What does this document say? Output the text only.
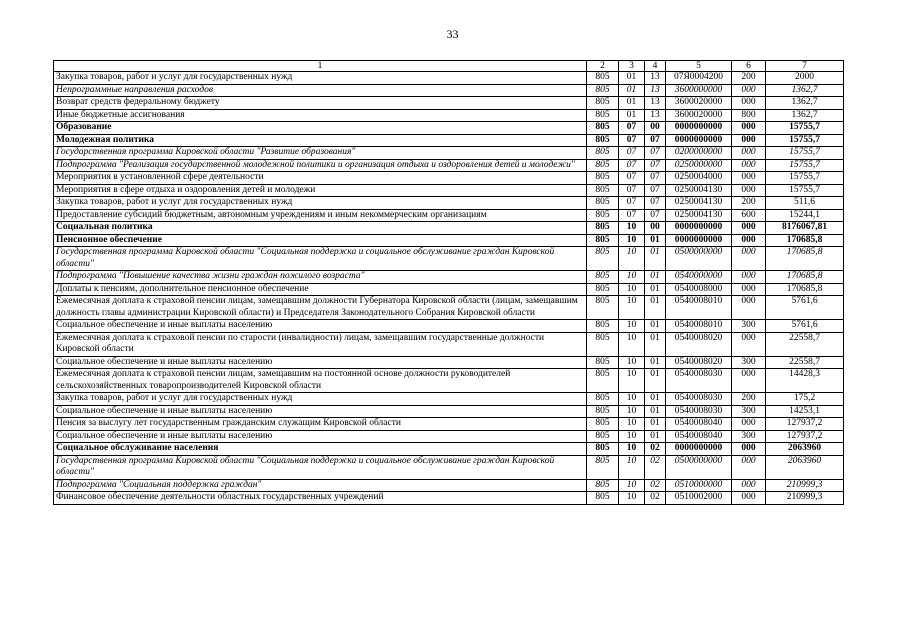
33
1	2	3	4	5	6	7
Закупка товаров, работ и услуг для государственных нужд	805	01	13	07Я0004200	200	2000
Непрограммные направления расходов	805	01	13	3600000000	000	1362,7
Возврат средств федеральному бюджету	805	01	13	3600020000	000	1362,7
Иные бюджетные ассигнования	805	01	13	3600020000	800	1362,7
Образование	805	07	00	0000000000	000	15755,7
Молодежная политика	805	07	07	0000000000	000	15755,7
Государственная программа Кировской области "Развитие образования"	805	07	07	0200000000	000	15755,7
Подпрограмма "Реализация государственной молодежной политики и организация отдыха и оздоровления детей и молодежи"	805	07	07	0250000000	000	15755,7
Мероприятия в установленной сфере деятельности	805	07	07	0250004000	000	15755,7
Мероприятия в сфере отдыха и оздоровления детей и молодежи	805	07	07	0250004130	000	15755,7
Закупка товаров, работ и услуг для государственных нужд	805	07	07	0250004130	200	511,6
Предоставление субсидий бюджетным, автономным учреждениям и иным некоммерческим организациям	805	07	07	0250004130	600	15244,1
Социальная политика	805	10	00	0000000000	000	8176067,81
Пенсионное обеспечение	805	10	01	0000000000	000	170685,8
Государственная программа Кировской области "Социальная поддержка и социальное обслуживание граждан Кировской области"	805	10	01	0500000000	000	170685,8
Подпрограмма "Повышение качества жизни граждан пожилого возраста"	805	10	01	0540000000	000	170685,8
Доплаты к пенсиям, дополнительное пенсионное обеспечение	805	10	01	0540008000	000	170685,8
Ежемесячная доплата к страховой пенсии лицам, замещавшим должности Губернатора Кировской области (лицам, замещавшим должность главы администрации Кировской области) и Председателя Законодательного Собрания Кировской области	805	10	01	0540008010	000	5761,6
Социальное обеспечение и иные выплаты населению	805	10	01	0540008010	300	5761,6
Ежемесячная доплата к страховой пенсии по старости (инвалидности) лицам, замещавшим государственные должности Кировской области	805	10	01	0540008020	000	22558,7
Социальное обеспечение и иные выплаты населению	805	10	01	0540008020	300	22558,7
Ежемесячная доплата к страховой пенсии лицам, замещавшим на постоянной основе должности руководителей сельскохозяйственных товаропроизводителей Кировской области	805	10	01	0540008030	000	14428,3
Закупка товаров, работ и услуг для государственных нужд	805	10	01	0540008030	200	175,2
Социальное обеспечение и иные выплаты населению	805	10	01	0540008030	300	14253,1
Пенсия за выслугу лет государственным гражданским служащим Кировской области	805	10	01	0540008040	000	127937,2
Социальное обеспечение и иные выплаты населению	805	10	01	0540008040	300	127937,2
Социальное обслуживание населения	805	10	02	0000000000	000	2063960
Государственная программа Кировской области "Социальная поддержка и социальное обслуживание граждан Кировской области"	805	10	02	0500000000	000	2063960
Подпрограмма "Социальная поддержка граждан"	805	10	02	0510000000	000	210999,3
Финансовое обеспечение деятельности областных государственных учреждений	805	10	02	0510002000	000	210999,3
